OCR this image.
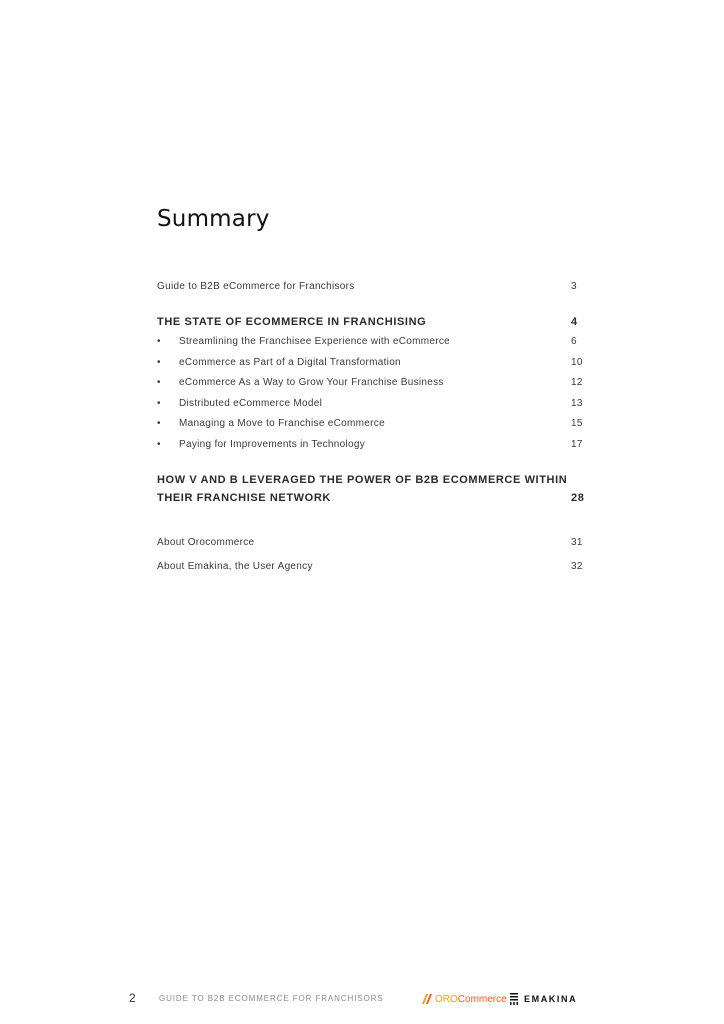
Summary
Guide to B2B eCommerce for Franchisors	3
THE STATE OF ECOMMERCE IN FRANCHISING	4
• Streamlining the Franchisee Experience with eCommerce	6
• eCommerce as Part of a Digital Transformation	10
• eCommerce As a Way to Grow Your Franchise Business	12
• Distributed eCommerce Model	13
• Managing a Move to Franchise eCommerce	15
• Paying for Improvements in Technology	17
HOW V AND B LEVERAGED THE POWER OF B2B ECOMMERCE WITHIN
THEIR FRANCHISE NETWORK	28
About Orocommerce	31
About Emakina, the User Agency	32
2	GUIDE TO B2B ECOMMERCE FOR FRANCHISORS	OROCommerce EMAKINA
